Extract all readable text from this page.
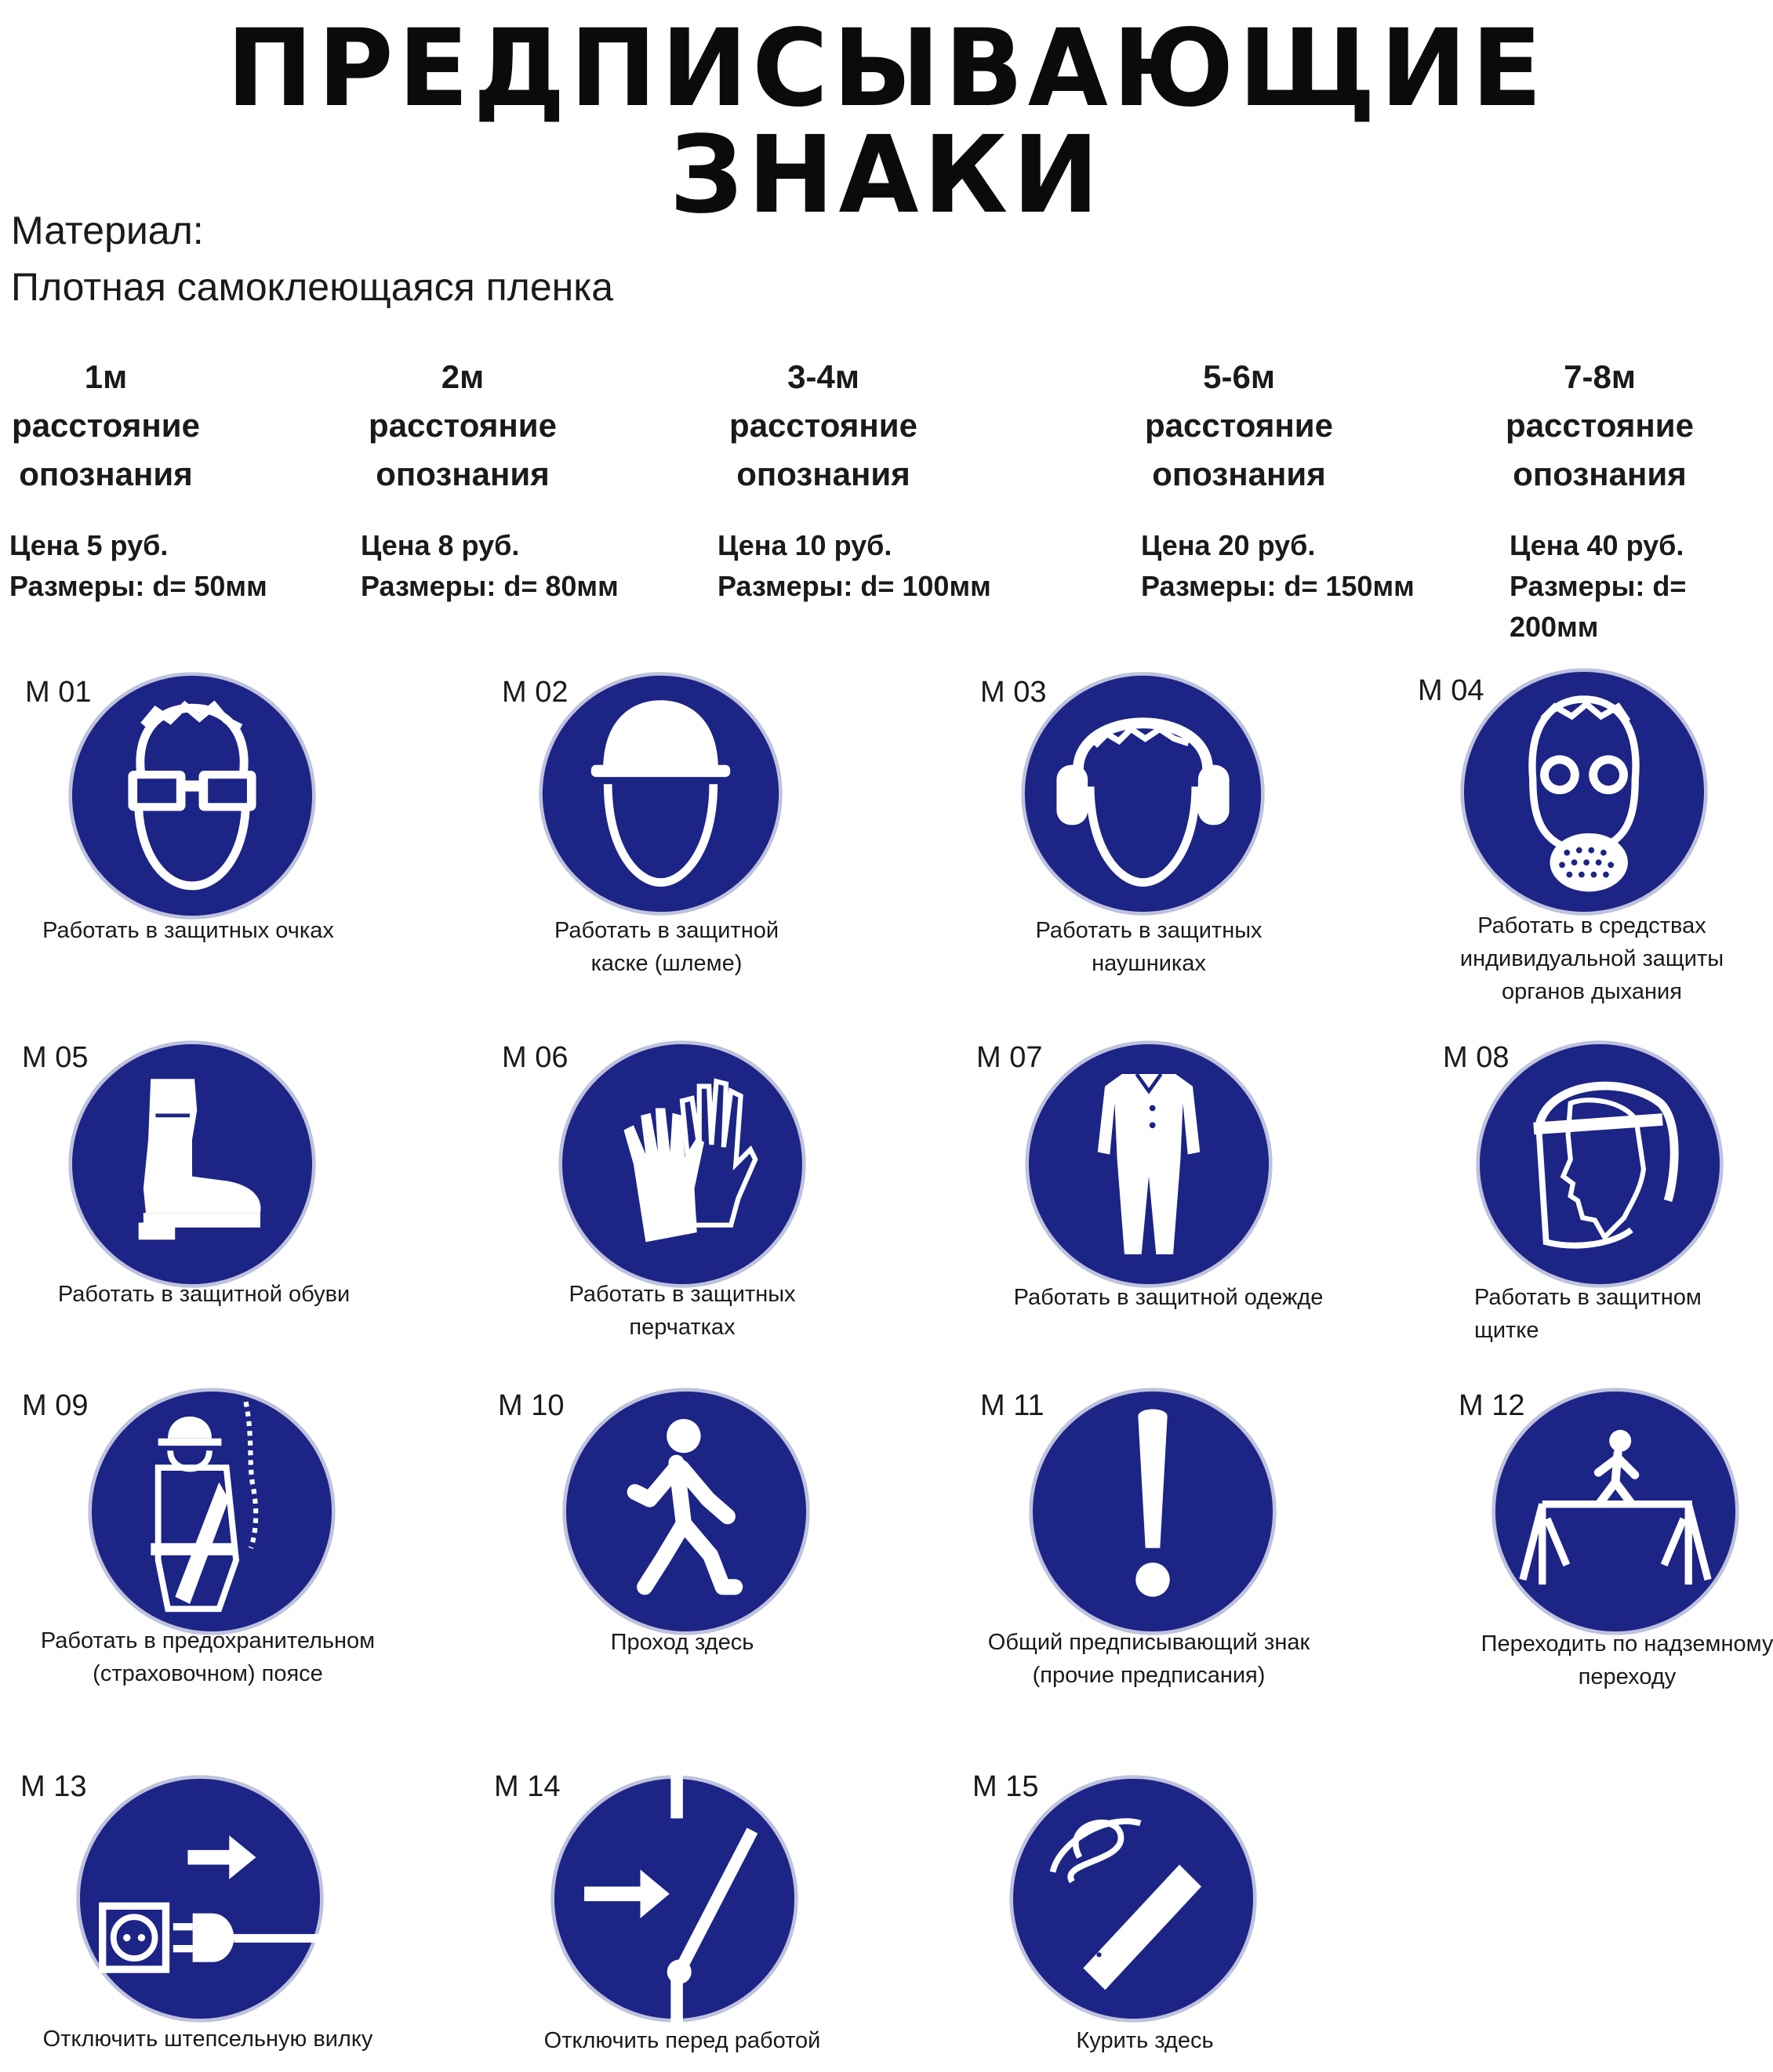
ПРЕДПИСЫВАЮЩИЕ ЗНАКИ
Материал:
Плотная самоклеющаяся пленка
1м
расстояние
опознания
2м
расстояние
опознания
3-4м
расстояние
опознания
5-6м
расстояние
опознания
7-8м
расстояние
опознания
Цена 5 руб.
Размеры: d= 50мм
Цена 8 руб.
Размеры: d= 80мм
Цена 10 руб.
Размеры: d= 100мм
Цена 20 руб.
Размеры: d= 150мм
Цена 40 руб.
Размеры: d= 200мм
M 01
Работать в защитных очках
M 02
Работать в защитной
каске (шлеме)
M 03
Работать в защитных
наушниках
M 04
Работать в средствах
индивидуальной защиты
органов дыхания
M 05
Работать в защитной обуви
M 06
Работать в защитных
перчатках
M 07
Работать в защитной одежде
M 08
Работать в защитном щитке
M 09
Работать в предохранительном
(страховочном) поясе
M 10
Проход здесь
M 11
Общий предписывающий знак
(прочие предписания)
M 12
Переходить по надземному
переходу
M 13
Отключить штепсельную вилку
M 14
Отключить перед работой
M 15
Курить здесь
